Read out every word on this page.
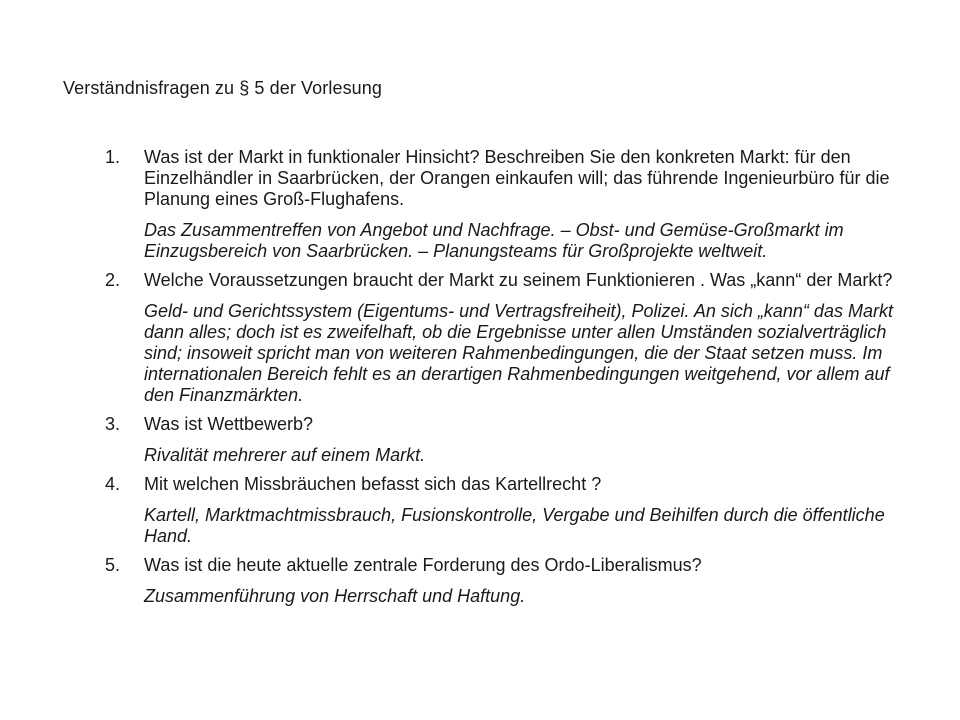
Verständnisfragen zu § 5 der Vorlesung
1.	Was ist der Markt in funktionaler Hinsicht? Beschreiben Sie den konkreten Markt: für den Einzelhändler in Saarbrücken, der Orangen einkaufen will; das führende Ingenieurbüro für die Planung eines Groß-Flughafens.

Das Zusammentreffen von Angebot und Nachfrage. – Obst- und Gemüse-Großmarkt im Einzugsbereich von Saarbrücken. – Planungsteams für Großprojekte weltweit.

2.	Welche Voraussetzungen braucht der Markt zu seinem Funktionieren . Was „kann“ der Markt?

Geld- und Gerichtssystem (Eigentums- und Vertragsfreiheit), Polizei. An sich „kann“ das Markt dann alles; doch ist es zweifelhaft, ob die Ergebnisse unter allen Umständen sozialverträglich sind; insoweit spricht man von weiteren Rahmenbedingungen, die der Staat setzen muss. Im internationalen Bereich fehlt es an derartigen Rahmenbedingungen weitgehend, vor allem auf den Finanzmärkten.

3.	Was ist Wettbewerb?

Rivalität mehrerer auf einem Markt.

4.	Mit welchen Missbräuchen befasst sich das Kartellrecht ?

Kartell, Marktmachtmissbrauch, Fusionskontrolle, Vergabe und Beihilfen durch die öffentliche Hand.

5.	Was ist die heute aktuelle zentrale Forderung des Ordo-Liberalismus?

Zusammenführung von Herrschaft und Haftung.
